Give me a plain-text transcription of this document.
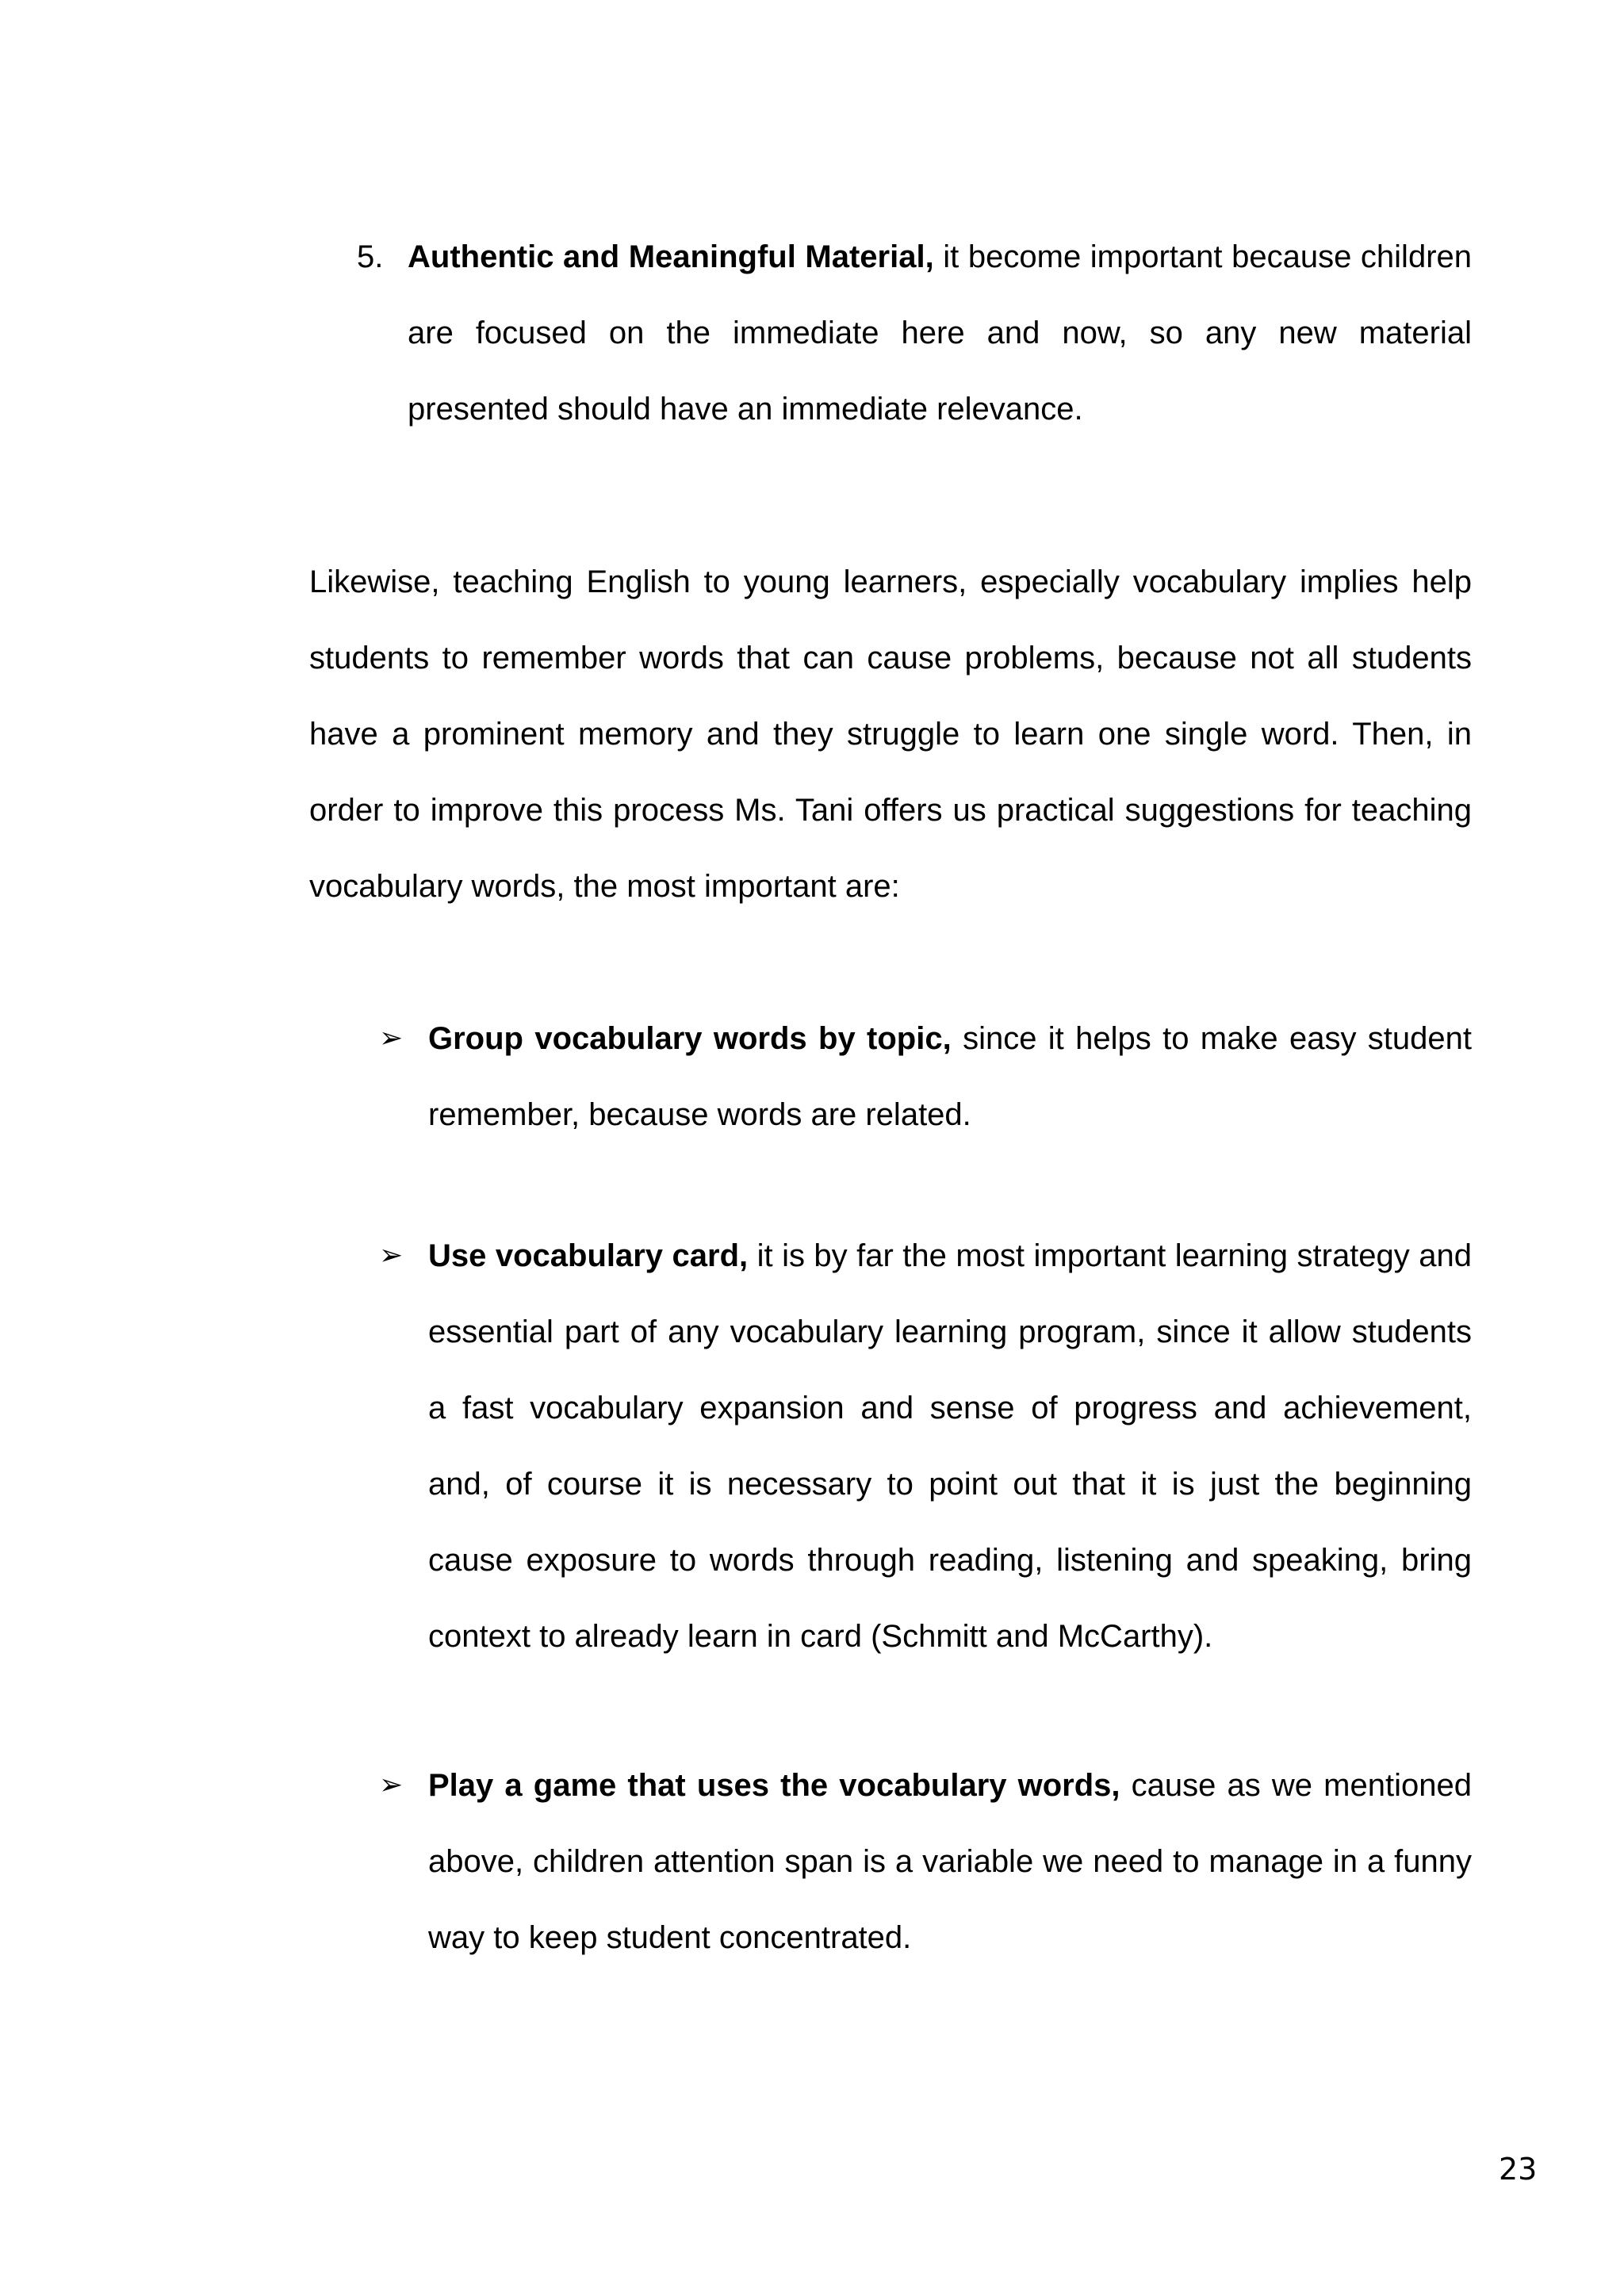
5. Authentic and Meaningful Material, it become important because children are focused on the immediate here and now, so any new material presented should have an immediate relevance.

Likewise, teaching English to young learners, especially vocabulary implies help students to remember words that can cause problems, because not all students have a prominent memory and they struggle to learn one single word. Then, in order to improve this process Ms. Tani offers us practical suggestions for teaching vocabulary words, the most important are:

➢ Group vocabulary words by topic, since it helps to make easy student remember, because words are related.

➢ Use vocabulary card, it is by far the most important learning strategy and essential part of any vocabulary learning program, since it allow students a fast vocabulary expansion and sense of progress and achievement, and, of course it is necessary to point out that it is just the beginning cause exposure to words through reading, listening and speaking, bring context to already learn in card (Schmitt and McCarthy).

➢ Play a game that uses the vocabulary words, cause as we mentioned above, children attention span is a variable we need to manage in a funny way to keep student concentrated.

23
